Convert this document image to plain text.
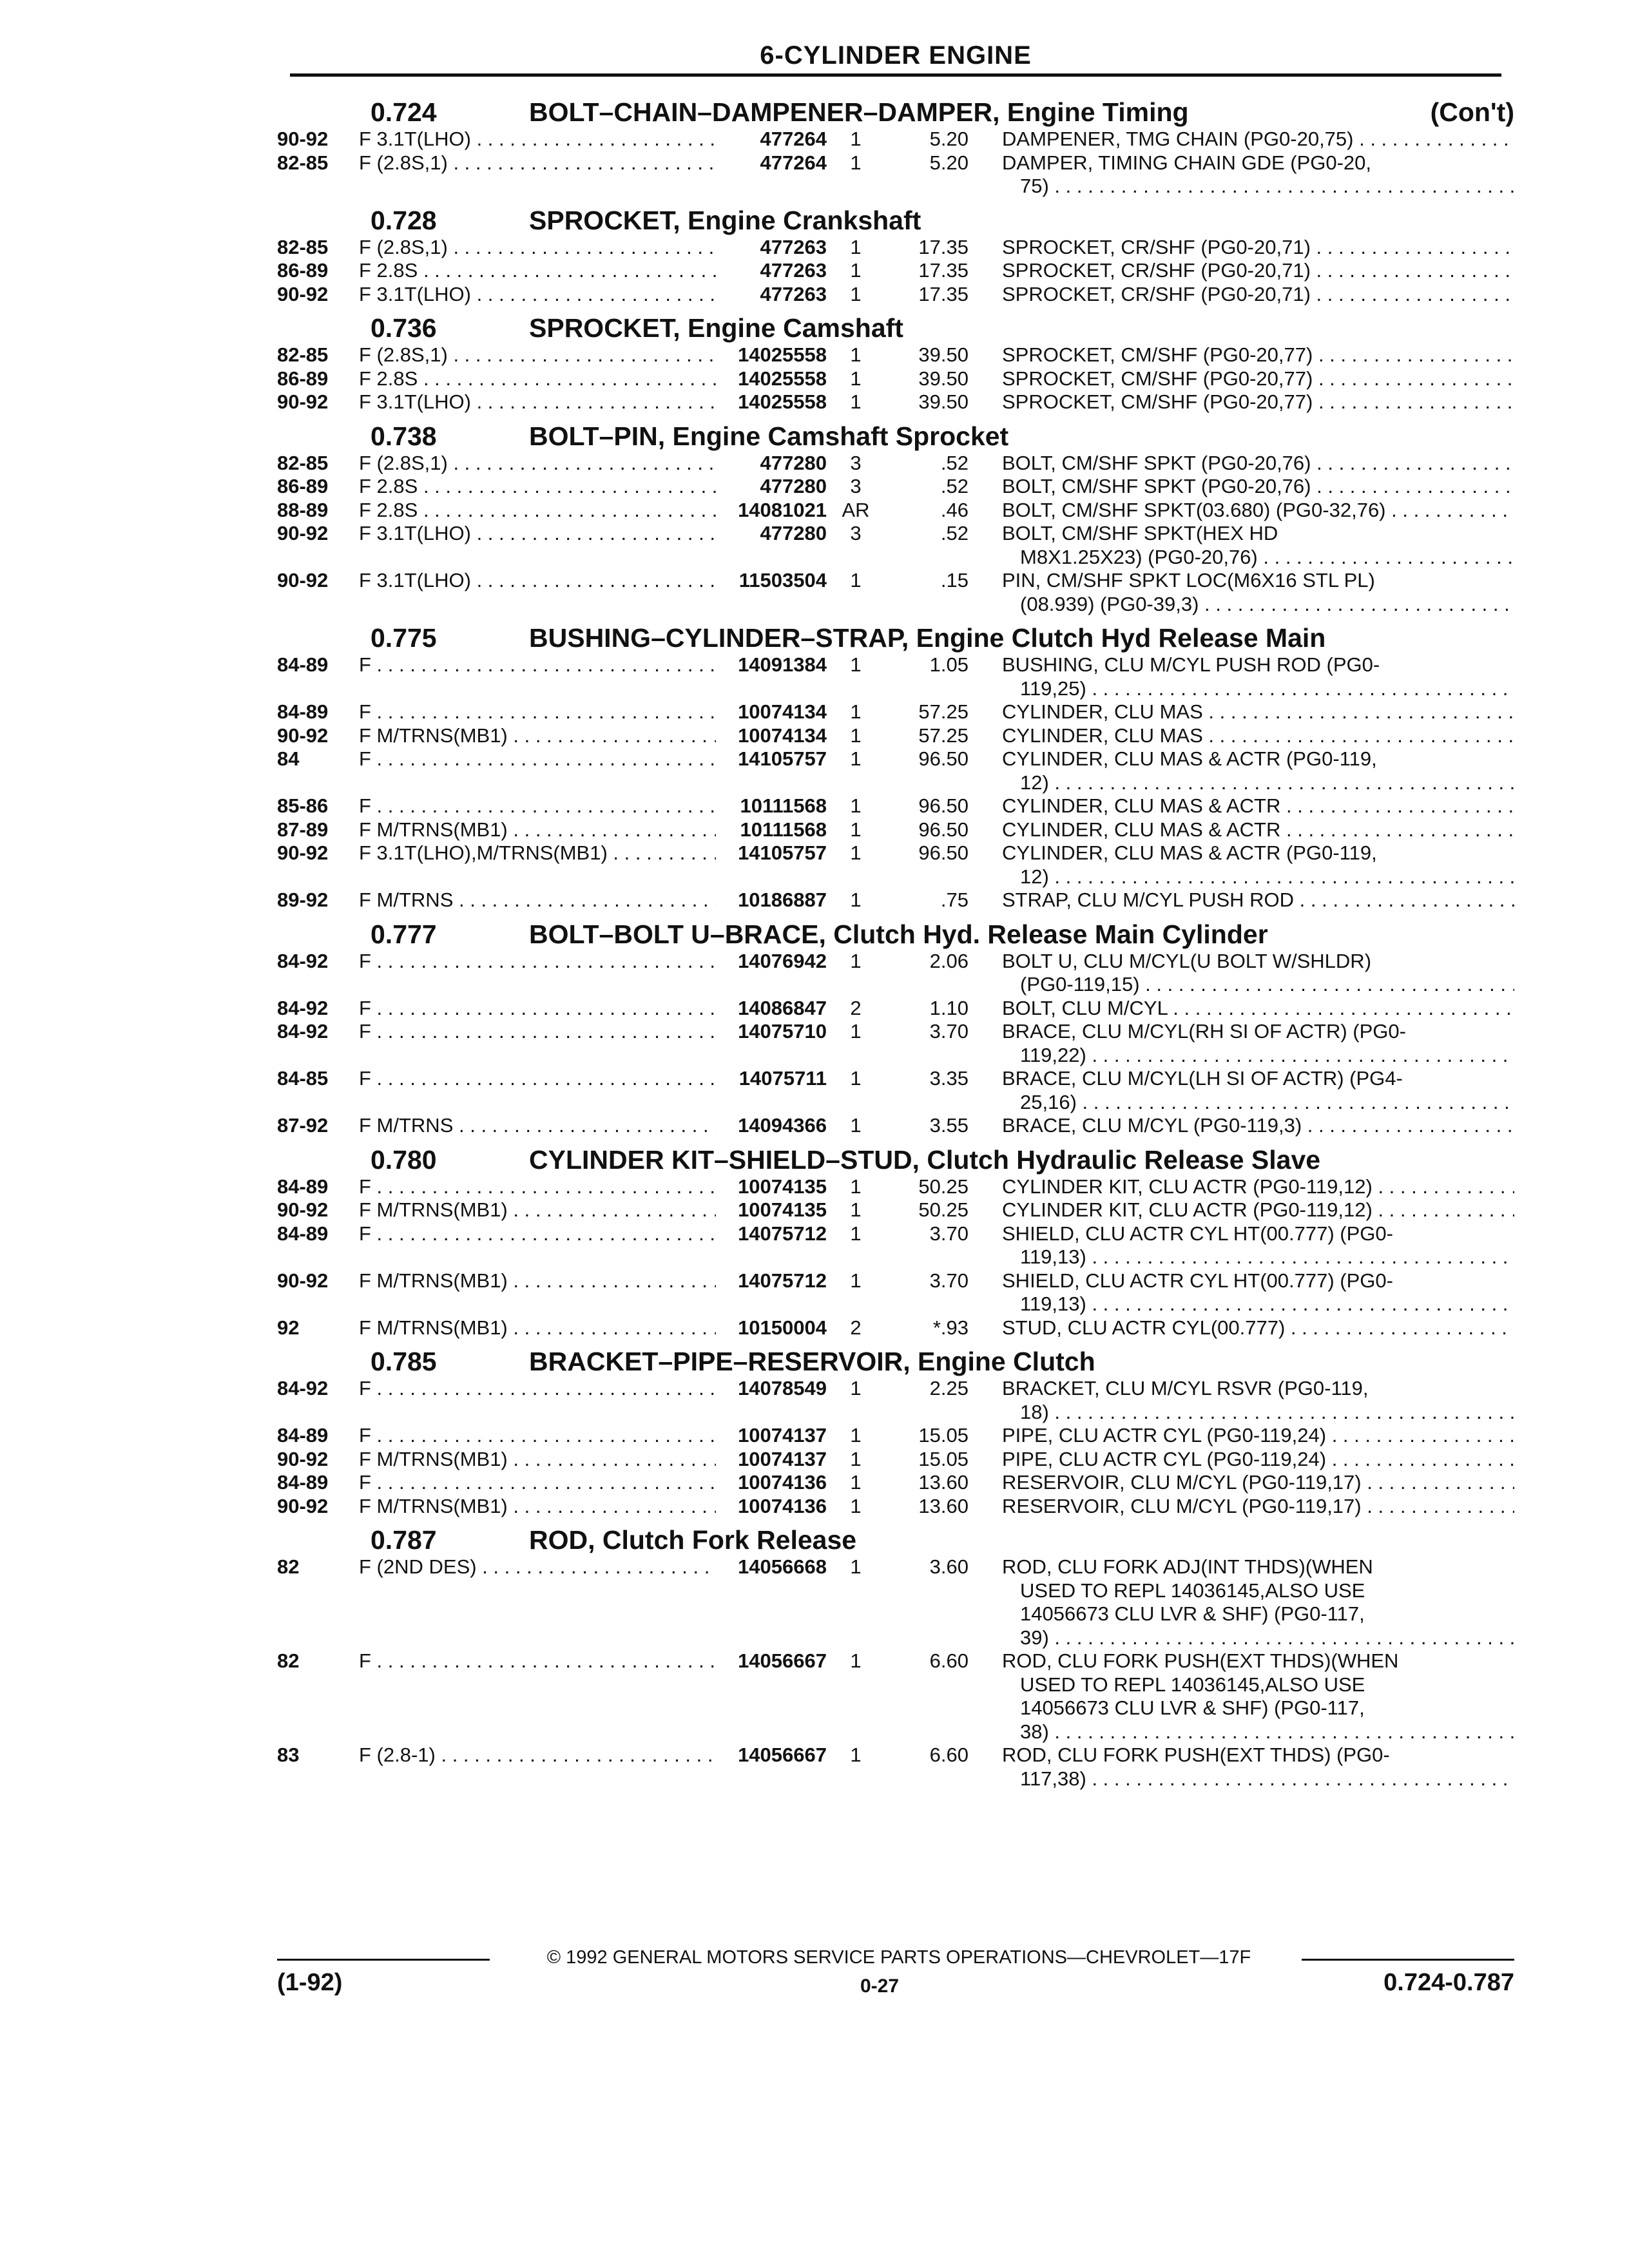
6-CYLINDER ENGINE
0.724	BOLT–CHAIN–DAMPENER–DAMPER, Engine Timing	(Con't)
90-92	F 3.1T(LHO) . . .	477264	1	5.20	DAMPENER, TMG CHAIN (PG0-20,75) . . .
82-85	F (2.8S,1) . . .	477264	1	5.20	DAMPER, TIMING CHAIN GDE (PG0-20,
75) . . .
0.728	SPROCKET, Engine Crankshaft
82-85	F (2.8S,1) . . .	477263	1	17.35	SPROCKET, CR/SHF (PG0-20,71) . . .
86-89	F 2.8S . . .	477263	1	17.35	SPROCKET, CR/SHF (PG0-20,71) . . .
90-92	F 3.1T(LHO) . . .	477263	1	17.35	SPROCKET, CR/SHF (PG0-20,71) . . .
0.736	SPROCKET, Engine Camshaft
82-85	F (2.8S,1) . . .	14025558	1	39.50	SPROCKET, CM/SHF (PG0-20,77) . . .
86-89	F 2.8S . . .	14025558	1	39.50	SPROCKET, CM/SHF (PG0-20,77) . . .
90-92	F 3.1T(LHO) . . .	14025558	1	39.50	SPROCKET, CM/SHF (PG0-20,77) . . .
0.738	BOLT–PIN, Engine Camshaft Sprocket
82-85	F (2.8S,1) . . .	477280	3	.52	BOLT, CM/SHF SPKT (PG0-20,76) . . .
86-89	F 2.8S . . .	477280	3	.52	BOLT, CM/SHF SPKT (PG0-20,76) . . .
88-89	F 2.8S . . .	14081021 AR	.46	BOLT, CM/SHF SPKT(03.680) (PG0-32,76) . . .
90-92	F 3.1T(LHO) . . .	477280	3	.52	BOLT, CM/SHF SPKT(HEX HD
M8X1.25X23) (PG0-20,76) . . .
90-92	F 3.1T(LHO) . . .	11503504	1	.15	PIN, CM/SHF SPKT LOC(M6X16 STL PL)
(08.939) (PG0-39,3) . . .
0.775	BUSHING–CYLINDER–STRAP, Engine Clutch Hyd Release Main
84-89	F . . .	14091384	1	1.05	BUSHING, CLU M/CYL PUSH ROD (PG0-
119,25) . . .
84-89	F . . .	10074134	1	57.25	CYLINDER, CLU MAS . . .
90-92	F M/TRNS(MB1) . . .	10074134	1	57.25	CYLINDER, CLU MAS . . .
84	F . . .	14105757	1	96.50	CYLINDER, CLU MAS & ACTR (PG0-119,
12) . . .
85-86	F . . .	10111568	1	96.50	CYLINDER, CLU MAS & ACTR . . .
87-89	F M/TRNS(MB1) . . .	10111568	1	96.50	CYLINDER, CLU MAS & ACTR . . .
90-92	F 3.1T(LHO),M/TRNS(MB1) . . .	14105757	1	96.50	CYLINDER, CLU MAS & ACTR (PG0-119,
12) . . .
89-92	F M/TRNS . . .	10186887	1	.75	STRAP, CLU M/CYL PUSH ROD . . .
0.777	BOLT–BOLT U–BRACE, Clutch Hyd. Release Main Cylinder
84-92	F . . .	14076942	1	2.06	BOLT U, CLU M/CYL(U BOLT W/SHLDR)
(PG0-119,15) . . .
84-92	F . . .	14086847	2	1.10	BOLT, CLU M/CYL . . .
84-92	F . . .	14075710	1	3.70	BRACE, CLU M/CYL(RH SI OF ACTR) (PG0-
119,22) . . .
84-85	F . . .	14075711	1	3.35	BRACE, CLU M/CYL(LH SI OF ACTR) (PG4-
25,16) . . .
87-92	F M/TRNS . . .	14094366	1	3.55	BRACE, CLU M/CYL (PG0-119,3) . . .
0.780	CYLINDER KIT–SHIELD–STUD, Clutch Hydraulic Release Slave
84-89	F . . .	10074135	1	50.25	CYLINDER KIT, CLU ACTR (PG0-119,12) . . .
90-92	F M/TRNS(MB1) . . .	10074135	1	50.25	CYLINDER KIT, CLU ACTR (PG0-119,12) . . .
84-89	F . . .	14075712	1	3.70	SHIELD, CLU ACTR CYL HT(00.777) (PG0-
119,13) . . .
90-92	F M/TRNS(MB1) . . .	14075712	1	3.70	SHIELD, CLU ACTR CYL HT(00.777) (PG0-
119,13) . . .
92	F M/TRNS(MB1) . . .	10150004	2	*.93	STUD, CLU ACTR CYL(00.777) . . .
0.785	BRACKET–PIPE–RESERVOIR, Engine Clutch
84-92	F . . .	14078549	1	2.25	BRACKET, CLU M/CYL RSVR (PG0-119,
18) . . .
84-89	F . . .	10074137	1	15.05	PIPE, CLU ACTR CYL (PG0-119,24) . . .
90-92	F M/TRNS(MB1) . . .	10074137	1	15.05	PIPE, CLU ACTR CYL (PG0-119,24) . . .
84-89	F . . .	10074136	1	13.60	RESERVOIR, CLU M/CYL (PG0-119,17) . . .
90-92	F M/TRNS(MB1) . . .	10074136	1	13.60	RESERVOIR, CLU M/CYL (PG0-119,17) . . .
0.787	ROD, Clutch Fork Release
82	F (2ND DES) . . .	14056668	1	3.60	ROD, CLU FORK ADJ(INT THDS)(WHEN
USED TO REPL 14036145,ALSO USE
14056673 CLU LVR & SHF) (PG0-117,
39) . . .
82	F . . .	14056667	1	6.60	ROD, CLU FORK PUSH(EXT THDS)(WHEN
USED TO REPL 14036145,ALSO USE
14056673 CLU LVR & SHF) (PG0-117,
38) . . .
83	F (2.8-1) . . .	14056667	1	6.60	ROD, CLU FORK PUSH(EXT THDS) (PG0-
117,38) . . .
© 1992 GENERAL MOTORS SERVICE PARTS OPERATIONS—CHEVROLET—17F
(1-92)	0-27	0.724-0.787
